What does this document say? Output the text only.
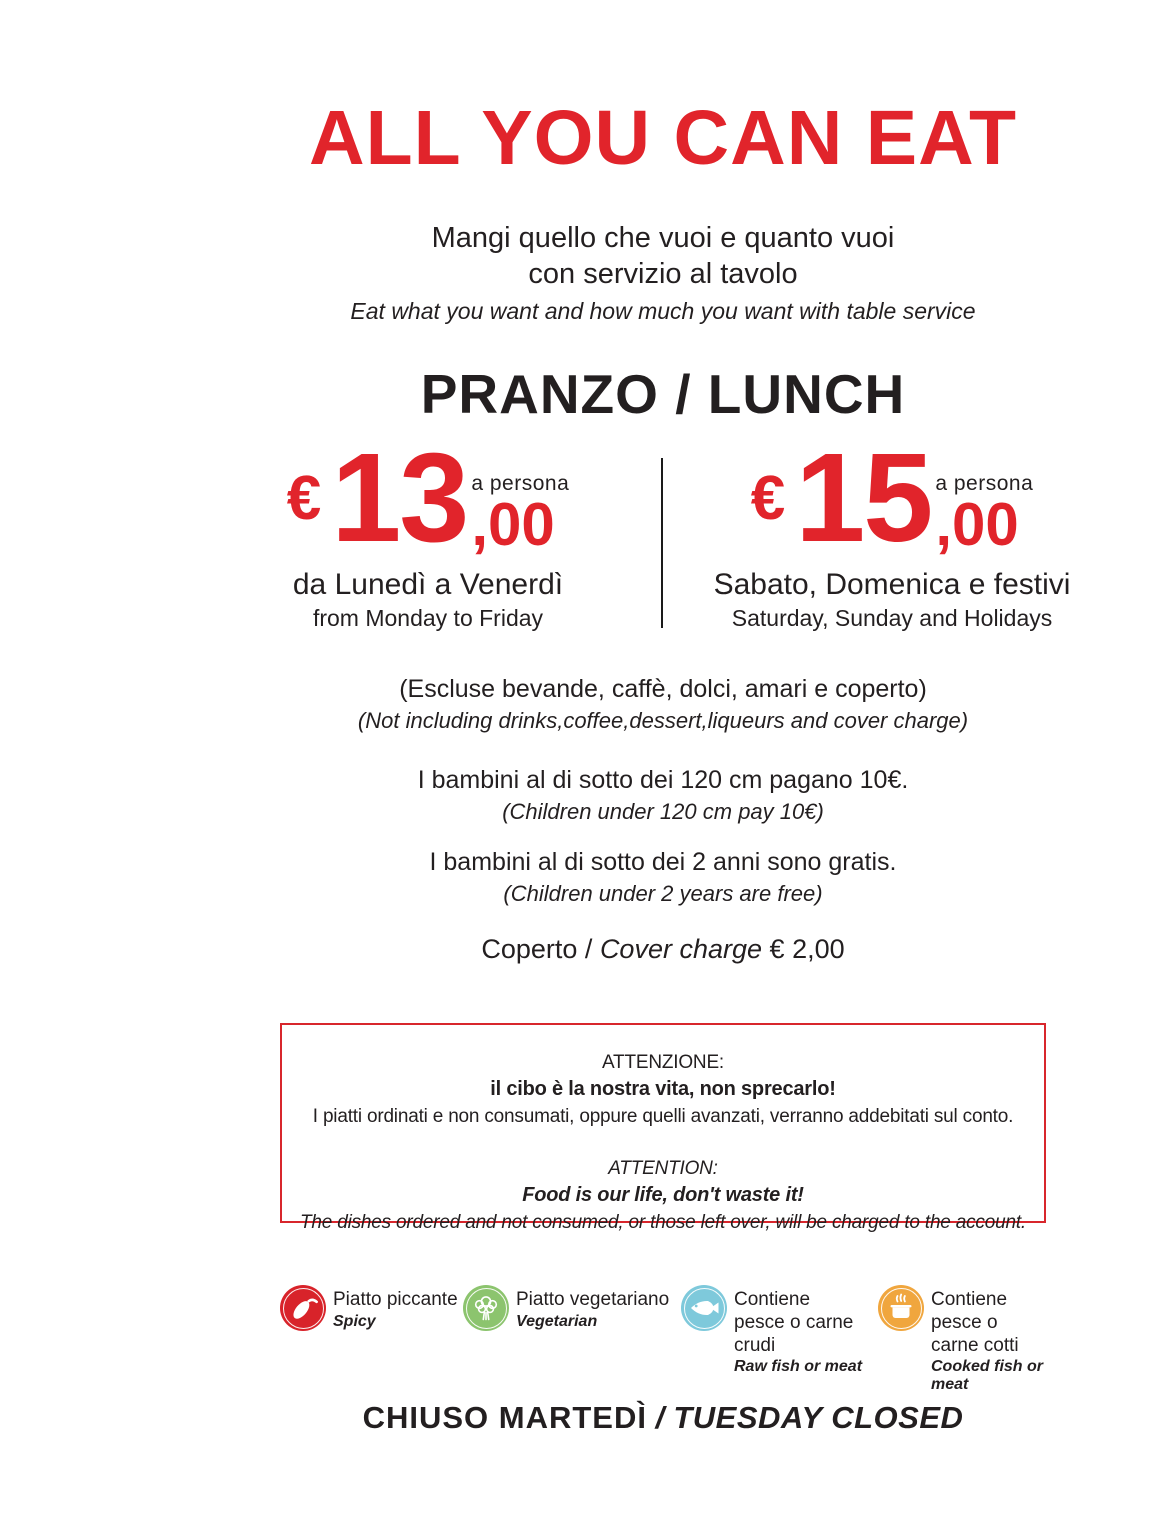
ALL YOU CAN EAT
Mangi quello che vuoi e quanto vuoi
con servizio al tavolo
Eat what you want and how much you want with table service
PRANZO / LUNCH
€ 13 a persona
,00
da Lunedì a Venerdì
from Monday to Friday
€ 15 a persona
,00
Sabato, Domenica e festivi
Saturday, Sunday and Holidays
(Escluse bevande, caffè, dolci, amari e coperto)
(Not including drinks,coffee,dessert,liqueurs and cover charge)
I bambini al di sotto dei 120 cm pagano 10€.
(Children under 120 cm pay 10€)
I bambini al di sotto dei 2 anni sono gratis.
(Children under 2 years are free)
Coperto / Cover charge € 2,00
ATTENZIONE:
il cibo è la nostra vita, non sprecarlo!
I piatti ordinati e non consumati, oppure quelli avanzati, verranno addebitati sul conto.
ATTENTION:
Food is our life, don't waste it!
The dishes ordered and not consumed, or those left over, will be charged to the account.
Piatto piccante
Spicy
Piatto vegetariano
Vegetarian
Contiene pesce o carne crudi
Raw fish or meat
Contiene pesce o carne cotti
Cooked fish or meat
CHIUSO MARTEDÌ / TUESDAY CLOSED
